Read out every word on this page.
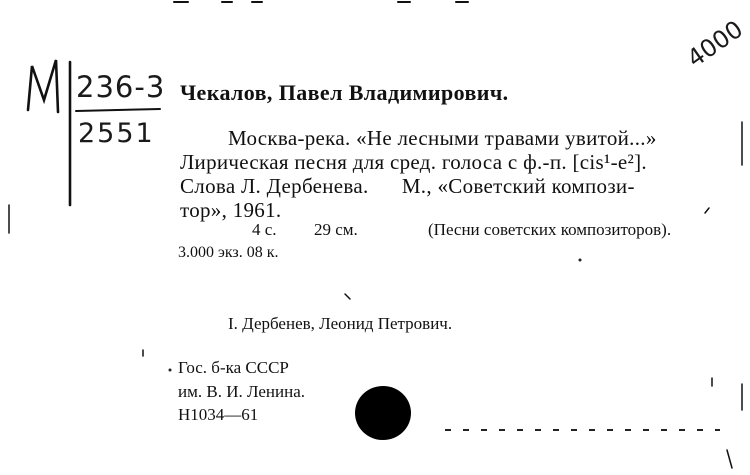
236-3
2551
4000
Чекалов, Павел Владимирович.
Москва-река. «Не лесными травами увитой...»
Лирическая песня для сред. голоса с ф.-п. [cis¹-e²].
Слова Л. Дербенева.      М., «Советский компози-
тор», 1961.
4 с. 29 см.	(Песни советских композиторов).
3.000 экз. 08 к.
I. Дербенев, Леонид Петрович.
Гос. б-ка СССР
им. В. И. Ленина.
Н1034—61
